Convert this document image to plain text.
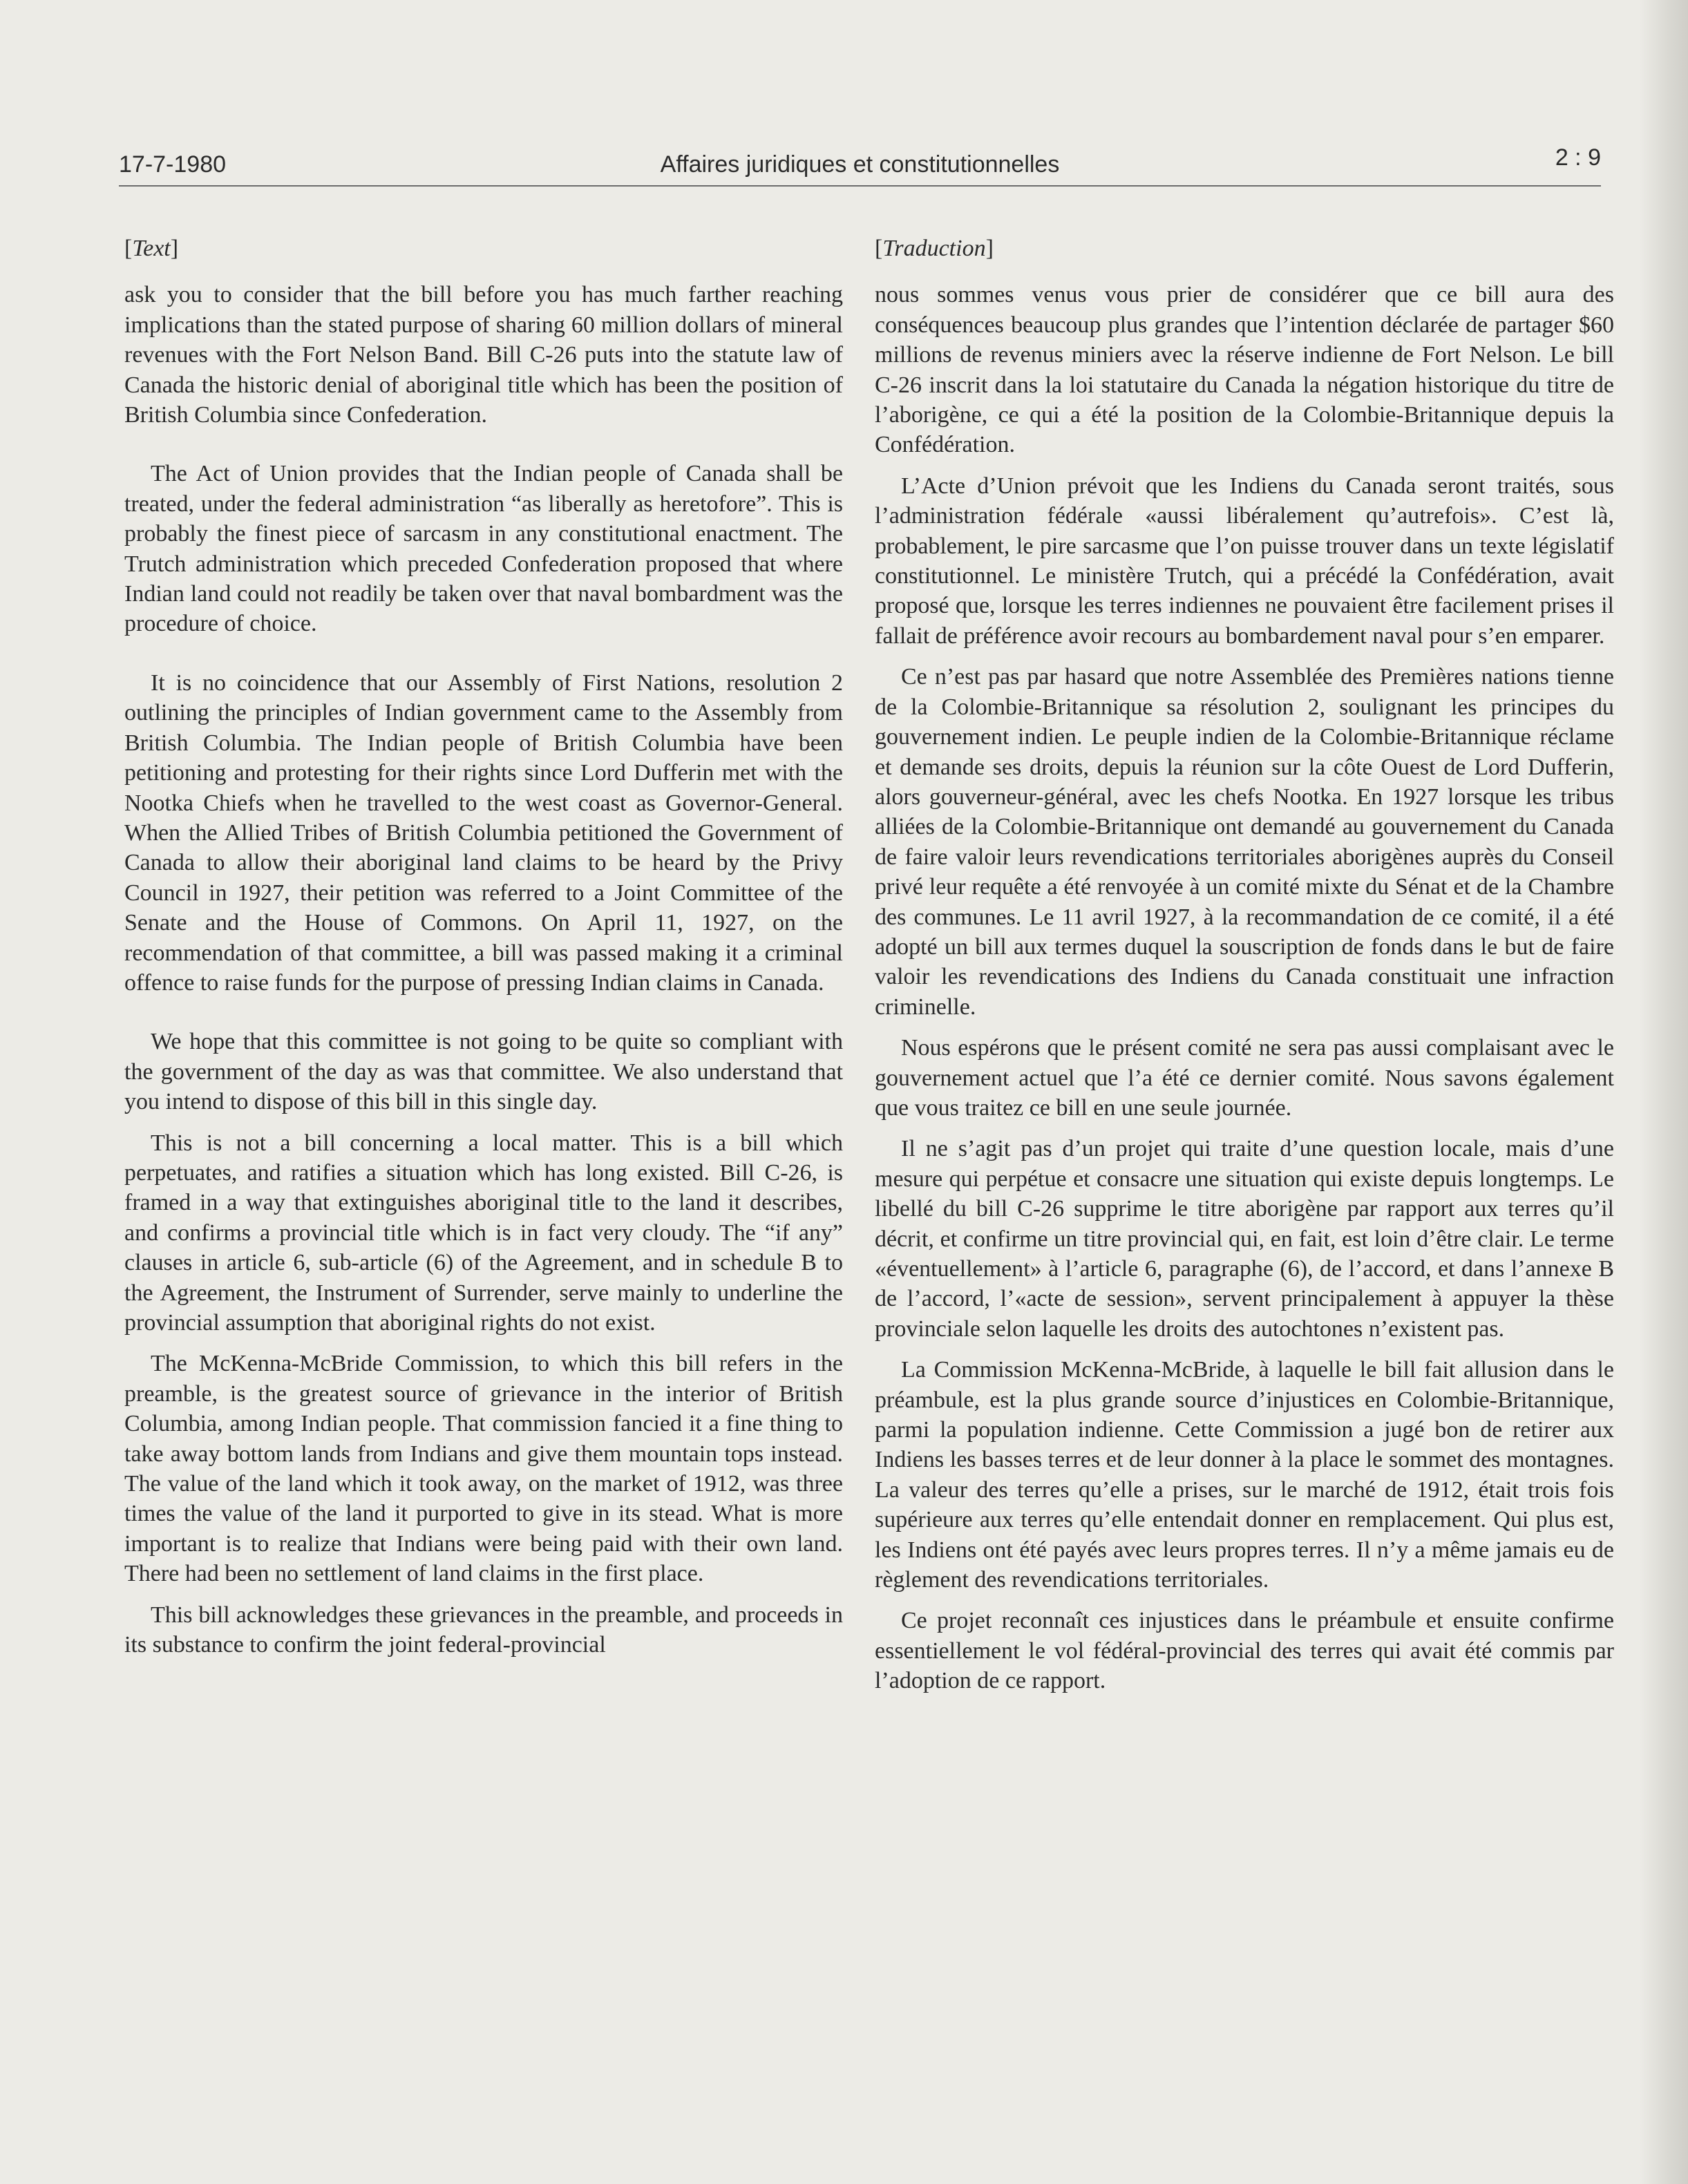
17-7-1980	Affaires juridiques et constitutionnelles	2 : 9
[Text]

ask you to consider that the bill before you has much farther reaching implications than the stated purpose of sharing 60 million dollars of mineral revenues with the Fort Nelson Band. Bill C-26 puts into the statute law of Canada the historic denial of aboriginal title which has been the position of British Columbia since Confederation.

The Act of Union provides that the Indian people of Canada shall be treated, under the federal administration “as liberally as heretofore”. This is probably the finest piece of sarcasm in any constitutional enactment. The Trutch administration which preceded Confederation proposed that where Indian land could not readily be taken over that naval bombardment was the procedure of choice.

It is no coincidence that our Assembly of First Nations, resolution 2 outlining the principles of Indian government came to the Assembly from British Columbia. The Indian people of British Columbia have been petitioning and protesting for their rights since Lord Dufferin met with the Nootka Chiefs when he travelled to the west coast as Governor-General. When the Allied Tribes of British Columbia petitioned the Government of Canada to allow their aboriginal land claims to be heard by the Privy Council in 1927, their petition was referred to a Joint Committee of the Senate and the House of Commons. On April 11, 1927, on the recommendation of that committee, a bill was passed making it a criminal offence to raise funds for the purpose of pressing Indian claims in Canada.

We hope that this committee is not going to be quite so compliant with the government of the day as was that committee. We also understand that you intend to dispose of this bill in this single day.

This is not a bill concerning a local matter. This is a bill which perpetuates, and ratifies a situation which has long existed. Bill C-26, is framed in a way that extinguishes aboriginal title to the land it describes, and confirms a provincial title which is in fact very cloudy. The “if any” clauses in article 6, sub-article (6) of the Agreement, and in schedule B to the Agreement, the Instrument of Surrender, serve mainly to underline the provincial assumption that aboriginal rights do not exist.

The McKenna-McBride Commission, to which this bill refers in the preamble, is the greatest source of grievance in the interior of British Columbia, among Indian people. That commission fancied it a fine thing to take away bottom lands from Indians and give them mountain tops instead. The value of the land which it took away, on the market of 1912, was three times the value of the land it purported to give in its stead. What is more important is to realize that Indians were being paid with their own land. There had been no settlement of land claims in the first place.

This bill acknowledges these grievances in the preamble, and proceeds in its substance to confirm the joint federal-provincial

[Traduction]

nous sommes venus vous prier de considérer que ce bill aura des conséquences beaucoup plus grandes que l’intention déclarée de partager $60 millions de revenus miniers avec la réserve indienne de Fort Nelson. Le bill C-26 inscrit dans la loi statutaire du Canada la négation historique du titre de l’aborigène, ce qui a été la position de la Colombie-Britannique depuis la Confédération.

L’Acte d’Union prévoit que les Indiens du Canada seront traités, sous l’administration fédérale «aussi libéralement qu’autrefois». C’est là, probablement, le pire sarcasme que l’on puisse trouver dans un texte législatif constitutionnel. Le ministère Trutch, qui a précédé la Confédération, avait proposé que, lorsque les terres indiennes ne pouvaient être facilement prises il fallait de préférence avoir recours au bombardement naval pour s’en emparer.

Ce n’est pas par hasard que notre Assemblée des Premières nations tienne de la Colombie-Britannique sa résolution 2, soulignant les principes du gouvernement indien. Le peuple indien de la Colombie-Britannique réclame et demande ses droits, depuis la réunion sur la côte Ouest de Lord Dufferin, alors gouverneur-général, avec les chefs Nootka. En 1927 lorsque les tribus alliées de la Colombie-Britannique ont demandé au gouvernement du Canada de faire valoir leurs revendications territoriales aborigènes auprès du Conseil privé leur requête a été renvoyée à un comité mixte du Sénat et de la Chambre des communes. Le 11 avril 1927, à la recommandation de ce comité, il a été adopté un bill aux termes duquel la souscription de fonds dans le but de faire valoir les revendications des Indiens du Canada constituait une infraction criminelle.

Nous espérons que le présent comité ne sera pas aussi complaisant avec le gouvernement actuel que l’a été ce dernier comité. Nous savons également que vous traitez ce bill en une seule journée.

Il ne s’agit pas d’un projet qui traite d’une question locale, mais d’une mesure qui perpétue et consacre une situation qui existe depuis longtemps. Le libellé du bill C-26 supprime le titre aborigène par rapport aux terres qu’il décrit, et confirme un titre provincial qui, en fait, est loin d’être clair. Le terme «éventuellement» à l’article 6, paragraphe (6), de l’accord, et dans l’annexe B de l’accord, l’«acte de session», servent principalement à appuyer la thèse provinciale selon laquelle les droits des autochtones n’existent pas.

La Commission McKenna-McBride, à laquelle le bill fait allusion dans le préambule, est la plus grande source d’injustices en Colombie-Britannique, parmi la population indienne. Cette Commission a jugé bon de retirer aux Indiens les basses terres et de leur donner à la place le sommet des montagnes. La valeur des terres qu’elle a prises, sur le marché de 1912, était trois fois supérieure aux terres qu’elle entendait donner en remplacement. Qui plus est, les Indiens ont été payés avec leurs propres terres. Il n’y a même jamais eu de règlement des revendications territoriales.

Ce projet reconnaît ces injustices dans le préambule et ensuite confirme essentiellement le vol fédéral-provincial des terres qui avait été commis par l’adoption de ce rapport.
